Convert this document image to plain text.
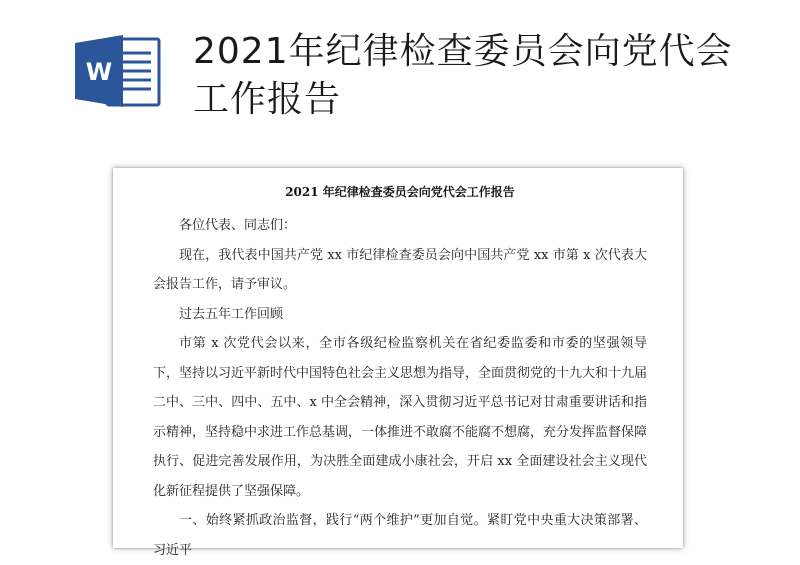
W 2021年纪律检查委员会向党代会工作报告
2021 年纪律检查委员会向党代会工作报告

各位代表、同志们：

现在，我代表中国共产党 xx 市纪律检查委员会向中国共产党 xx 市第 x 次代表大会报告工作，请予审议。

过去五年工作回顾

市第 x 次党代会以来，全市各级纪检监察机关在省纪委监委和市委的坚强领导下，坚持以习近平新时代中国特色社会主义思想为指导，全面贯彻党的十九大和十九届二中、三中、四中、五中、x 中全会精神，深入贯彻习近平总书记对甘肃重要讲话和指示精神，坚持稳中求进工作总基调，一体推进不敢腐不能腐不想腐，充分发挥监督保障执行、促进完善发展作用，为决胜全面建成小康社会，开启 xx 全面建设社会主义现代化新征程提供了坚强保障。

一、始终紧抓政治监督，践行“两个维护”更加自觉。紧盯党中央重大决策部署、习近平
